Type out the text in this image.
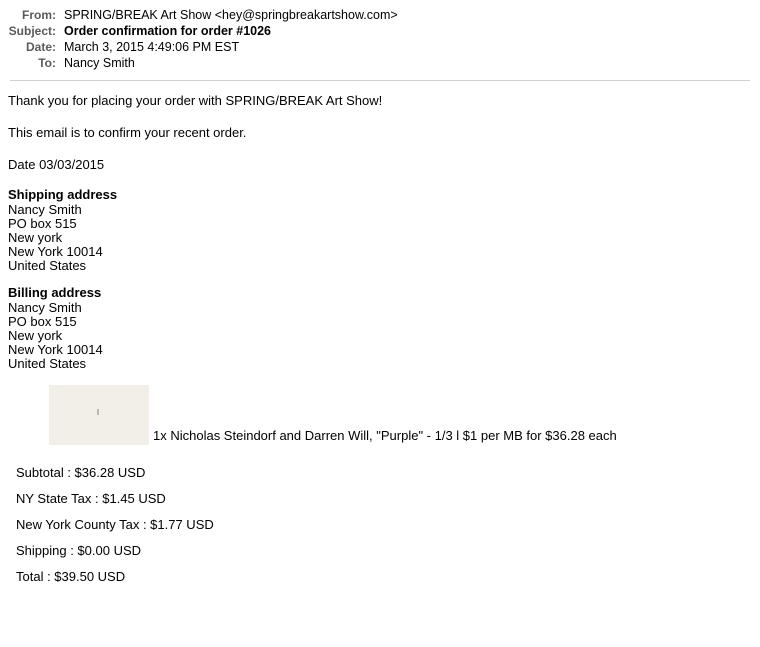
From: SPRING/BREAK Art Show <hey@springbreakartshow.com>
Subject: Order confirmation for order #1026
Date: March 3, 2015 4:49:06 PM EST
To: Nancy Smith
Thank you for placing your order with SPRING/BREAK Art Show!
This email is to confirm your recent order.
Date 03/03/2015
Shipping address
Nancy Smith
PO box 515
New york
New York 10014
United States
Billing address
Nancy Smith
PO box 515
New york
New York 10014
United States
1x Nicholas Steindorf and Darren Will, "Purple" - 1/3 l $1 per MB for $36.28 each
Subtotal : $36.28 USD
NY State Tax : $1.45 USD
New York County Tax : $1.77 USD
Shipping : $0.00 USD
Total : $39.50 USD
